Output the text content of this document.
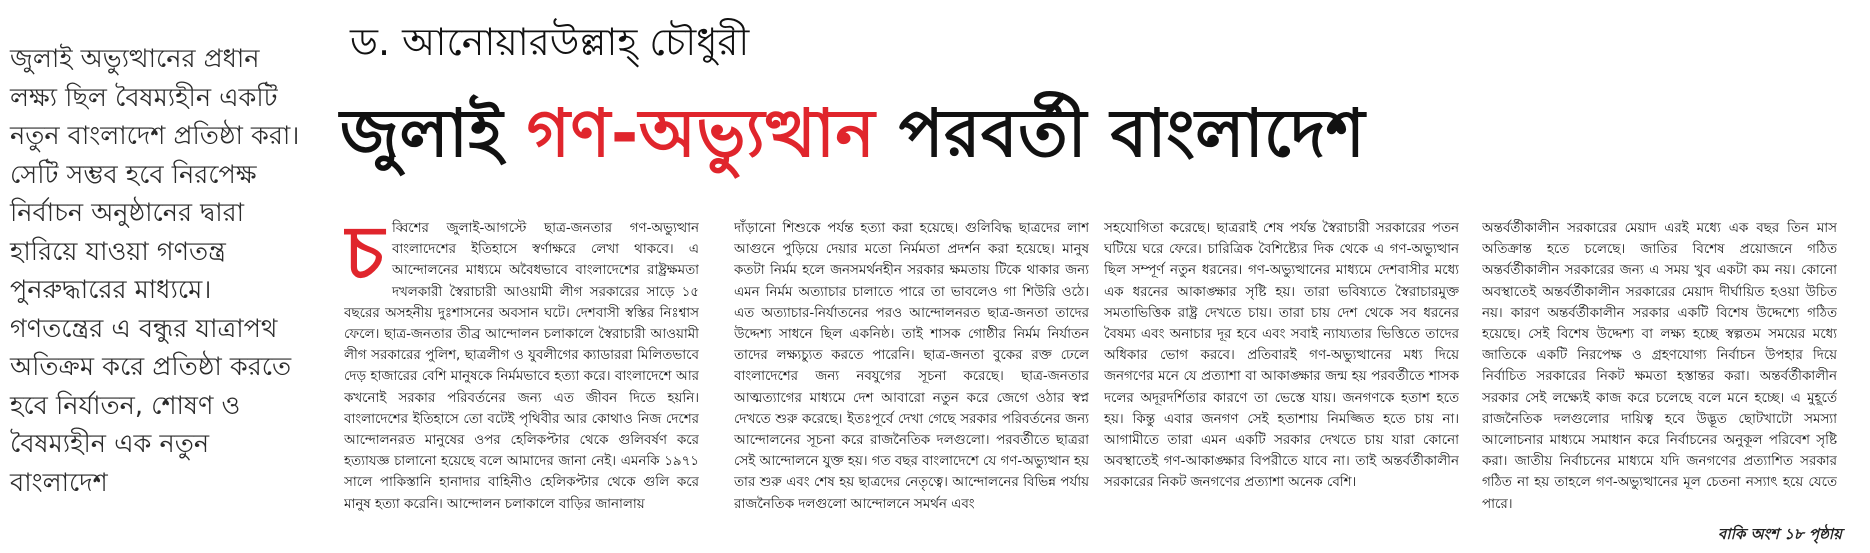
জুলাই অভ্যুত্থানের প্রধান লক্ষ্য ছিল বৈষম্যহীন একটি নতুন বাংলাদেশ প্রতিষ্ঠা করা। সেটি সম্ভব হবে নিরপেক্ষ নির্বাচন অনুষ্ঠানের দ্বারা হারিয়ে যাওয়া গণতন্ত্র পুনরুদ্ধারের মাধ্যমে। গণতন্ত্রের এ বন্ধুর যাত্রাপথ অতিক্রম করে প্রতিষ্ঠা করতে হবে নির্যাতন, শোষণ ও বৈষম্যহীন এক নতুন বাংলাদেশ

ড. আনোয়ারউল্লাহ্ চৌধুরী
জুলাই গণ-অভ্যুত্থান পরবর্তী বাংলাদেশ
চ ব্বিশের জুলাই-আগস্টে ছাত্র-জনতার গণ-অভ্যুত্থান বাংলাদেশের ইতিহাসে স্বর্ণাক্ষরে লেখা থাকবে। এ আন্দোলনের মাধ্যমে অবৈধভাবে বাংলাদেশের রাষ্ট্রক্ষমতা দখলকারী স্বৈরাচারী আওয়ামী লীগ সরকারের সাড়ে ১৫ বছরের অসহনীয় দুঃশাসনের অবসান ঘটে। দেশবাসী স্বস্তির নিঃশ্বাস ফেলে। ছাত্র-জনতার তীব্র আন্দোলন চলাকালে স্বৈরাচারী আওয়ামী লীগ সরকারের পুলিশ, ছাত্রলীগ ও যুবলীগের ক্যাডাররা মিলিতভাবে দেড় হাজারের বেশি মানুষকে নির্মমভাবে হত্যা করে। বাংলাদেশে আর কখনোই সরকার পরিবর্তনের জন্য এত জীবন দিতে হয়নি। বাংলাদেশের ইতিহাসে তো বটেই পৃথিবীর আর কোথাও নিজ দেশের আন্দোলনরত মানুষের ওপর হেলিকপ্টার থেকে গুলিবর্ষণ করে হত্যাযজ্ঞ চালানো হয়েছে বলে আমাদের জানা নেই। এমনকি ১৯৭১ সালে পাকিস্তানি হানাদার বাহিনীও হেলিকপ্টার থেকে গুলি করে মানুষ হত্যা করেনি। আন্দোলন চলাকালে বাড়ির জানালায়

দাঁড়ানো শিশুকে পর্যন্ত হত্যা করা হয়েছে। গুলিবিদ্ধ ছাত্রদের লাশ আগুনে পুড়িয়ে দেয়ার মতো নির্মমতা প্রদর্শন করা হয়েছে। মানুষ কতটা নির্মম হলে জনসমর্থনহীন সরকার ক্ষমতায় টিকে থাকার জন্য এমন নির্মম অত্যাচার চালাতে পারে তা ভাবলেও গা শিউরি ওঠে। এত অত্যাচার-নির্যাতনের পরও আন্দোলনরত ছাত্র-জনতা তাদের উদ্দেশ্য সাধনে ছিল একনিষ্ঠ। তাই শাসক গোষ্ঠীর নির্মম নির্যাতন তাদের লক্ষ্যচ্যুত করতে পারেনি। ছাত্র-জনতা বুকের রক্ত ঢেলে বাংলাদেশের জন্য নবযুগের সূচনা করেছে। ছাত্র-জনতার আত্মত্যাগের মাধ্যমে দেশ আবারো নতুন করে জেগে ওঠার স্বপ্ন দেখতে শুরু করেছে। ইতঃপূর্বে দেখা গেছে সরকার পরিবর্তনের জন্য আন্দোলনের সূচনা করে রাজনৈতিক দলগুলো। পরবর্তীতে ছাত্ররা সেই আন্দোলনে যুক্ত হয়। গত বছর বাংলাদেশে যে গণ-অভ্যুত্থান হয় তার শুরু এবং শেষ হয় ছাত্রদের নেতৃত্বে। আন্দোলনের বিভিন্ন পর্যায় রাজনৈতিক দলগুলো আন্দোলনে সমর্থন এবং

সহযোগিতা করেছে। ছাত্ররাই শেষ পর্যন্ত স্বৈরাচারী সরকারের পতন ঘটিয়ে ঘরে ফেরে। চারিত্রিক বৈশিষ্ট্যের দিক থেকে এ গণ-অভ্যুত্থান ছিল সম্পূর্ণ নতুন ধরনের। গণ-অভ্যুত্থানের মাধ্যমে দেশবাসীর মধ্যে এক ধরনের আকাঙ্ক্ষার সৃষ্টি হয়। তারা ভবিষ্যতে স্বৈরাচারমুক্ত সমতাভিত্তিক রাষ্ট্র দেখতে চায়। তারা চায় দেশ থেকে সব ধরনের বৈষম্য এবং অনাচার দূর হবে এবং সবাই ন্যায্যতার ভিত্তিতে তাদের অধিকার ভোগ করবে। প্রতিবারই গণ-অভ্যুত্থানের মধ্য দিয়ে জনগণের মনে যে প্রত্যাশা বা আকাঙ্ক্ষার জন্ম হয় পরবর্তীতে শাসক দলের অদূরদর্শিতার কারণে তা ভেস্তে যায়। জনগণকে হতাশ হতে হয়। কিন্তু এবার জনগণ সেই হতাশায় নিমজ্জিত হতে চায় না। আগামীতে তারা এমন একটি সরকার দেখতে চায় যারা কোনো অবস্থাতেই গণ-আকাঙ্ক্ষার বিপরীতে যাবে না। তাই অন্তর্বর্তীকালীন সরকারের নিকট জনগণের প্রত্যাশা অনেক বেশি।

অন্তর্বর্তীকালীন সরকারের মেয়াদ এরই মধ্যে এক বছর তিন মাস অতিক্রান্ত হতে চলেছে। জাতির বিশেষ প্রয়োজনে গঠিত অন্তর্বর্তীকালীন সরকারের জন্য এ সময় খুব একটা কম নয়। কোনো অবস্থাতেই অন্তর্বর্তীকালীন সরকারের মেয়াদ দীর্ঘায়িত হওয়া উচিত নয়। কারণ অন্তর্বর্তীকালীন সরকার একটি বিশেষ উদ্দেশ্যে গঠিত হয়েছে। সেই বিশেষ উদ্দেশ্য বা লক্ষ্য হচ্ছে স্বল্পতম সময়ের মধ্যে জাতিকে একটি নিরপেক্ষ ও গ্রহণযোগ্য নির্বাচন উপহার দিয়ে নির্বাচিত সরকারের নিকট ক্ষমতা হস্তান্তর করা। অন্তর্বর্তীকালীন সরকার সেই লক্ষ্যেই কাজ করে চলেছে বলে মনে হচ্ছে। এ মুহূর্তে রাজনৈতিক দলগুলোর দায়িত্ব হবে উদ্ভূত ছোটখাটো সমস্যা আলোচনার মাধ্যমে সমাধান করে নির্বাচনের অনুকূল পরিবেশ সৃষ্টি করা। জাতীয় নির্বাচনের মাধ্যমে যদি জনগণের প্রত্যাশিত সরকার গঠিত না হয় তাহলে গণ-অভ্যুত্থানের মূল চেতনা নস্যাৎ হয়ে যেতে পারে।

বাকি অংশ ১৮ পৃষ্ঠায়
